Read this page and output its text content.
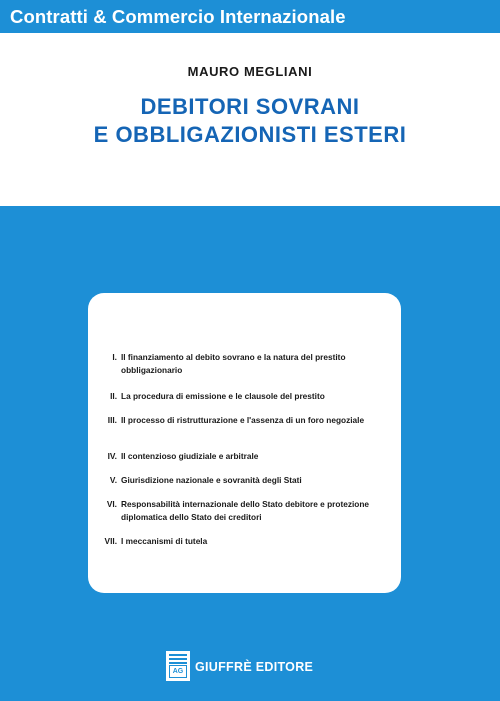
Contratti & Commercio Internazionale
MAURO MEGLIANI
DEBITORI SOVRANI
E OBBLIGAZIONISTI ESTERI
I. Il finanziamento al debito sovrano e la natura del prestito obbligazionario
II. La procedura di emissione e le clausole del prestito
III. Il processo di ristrutturazione e l'assenza di un foro negoziale
IV. Il contenzioso giudiziale e arbitrale
V. Giurisdizione nazionale e sovranità degli Stati
VI. Responsabilità internazionale dello Stato debitore e protezione diplomatica dello Stato dei creditori
VII. I meccanismi di tutela
AG GIUFFRÈ EDITORE
